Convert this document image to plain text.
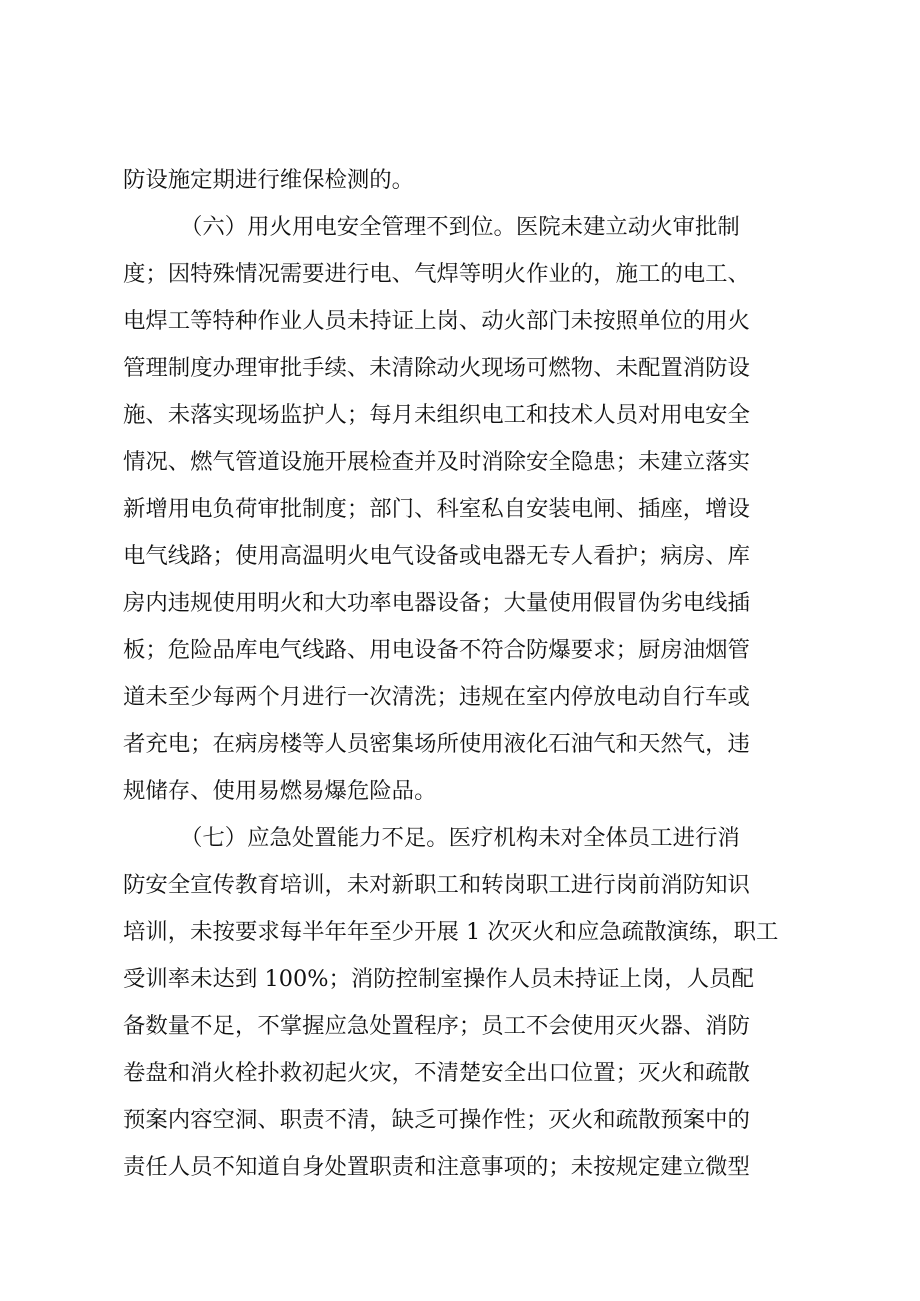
防设施定期进行维保检测的。
（六）用火用电安全管理不到位。医院未建立动火审批制
度；因特殊情况需要进行电、气焊等明火作业的，施工的电工、
电焊工等特种作业人员未持证上岗、动火部门未按照单位的用火
管理制度办理审批手续、未清除动火现场可燃物、未配置消防设
施、未落实现场监护人；每月未组织电工和技术人员对用电安全
情况、燃气管道设施开展检查并及时消除安全隐患；未建立落实
新增用电负荷审批制度；部门、科室私自安装电闸、插座，增设
电气线路；使用高温明火电气设备或电器无专人看护；病房、库
房内违规使用明火和大功率电器设备；大量使用假冒伪劣电线插
板；危险品库电气线路、用电设备不符合防爆要求；厨房油烟管
道未至少每两个月进行一次清洗；违规在室内停放电动自行车或
者充电；在病房楼等人员密集场所使用液化石油气和天然气，违
规储存、使用易燃易爆危险品。
（七）应急处置能力不足。医疗机构未对全体员工进行消
防安全宣传教育培训，未对新职工和转岗职工进行岗前消防知识
培训，未按要求每半年年至少开展 1 次灭火和应急疏散演练，职工
受训率未达到 100%；消防控制室操作人员未持证上岗，人员配
备数量不足，不掌握应急处置程序；员工不会使用灭火器、消防
卷盘和消火栓扑救初起火灾，不清楚安全出口位置；灭火和疏散
预案内容空洞、职责不清，缺乏可操作性；灭火和疏散预案中的
责任人员不知道自身处置职责和注意事项的；未按规定建立微型
